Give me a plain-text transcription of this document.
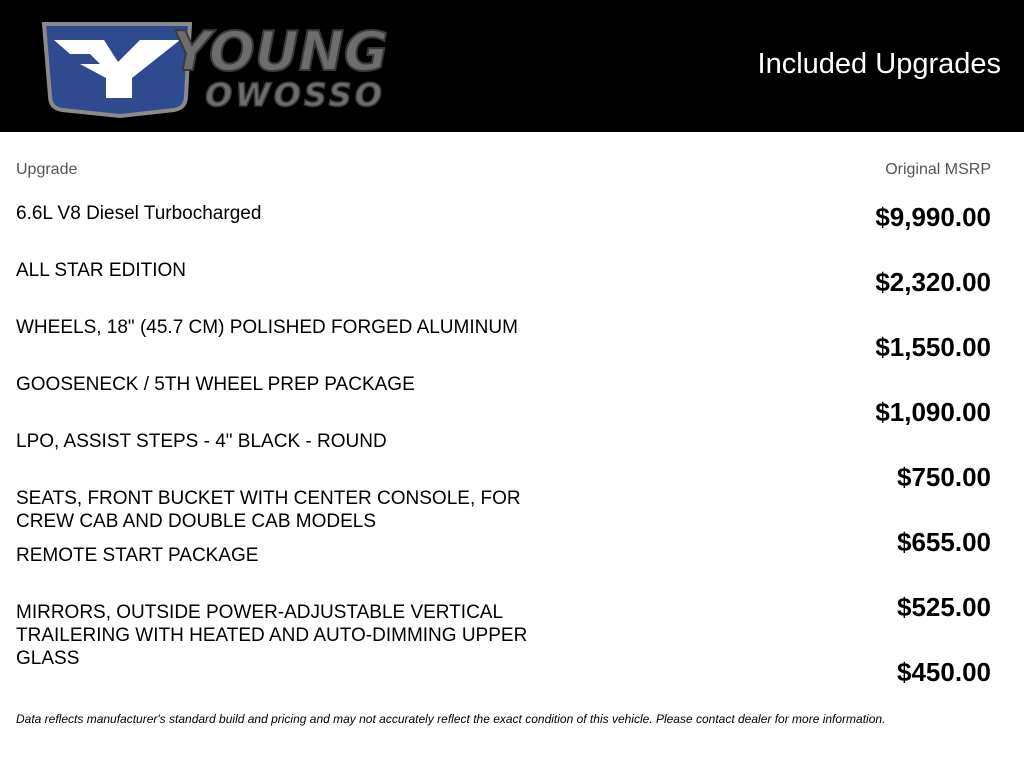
YOUNG
OWOSSO
Included Upgrades
Upgrade	Original MSRP
6.6L V8 Diesel Turbocharged
ALL STAR EDITION
WHEELS, 18" (45.7 CM) POLISHED FORGED ALUMINUM
GOOSENECK / 5TH WHEEL PREP PACKAGE
LPO, ASSIST STEPS - 4" BLACK - ROUND
SEATS, FRONT BUCKET WITH CENTER CONSOLE, FOR CREW CAB AND DOUBLE CAB MODELS
REMOTE START PACKAGE
MIRRORS, OUTSIDE POWER-ADJUSTABLE VERTICAL TRAILERING WITH HEATED AND AUTO-DIMMING UPPER GLASS
$9,990.00
$2,320.00
$1,550.00
$1,090.00
$750.00
$655.00
$525.00
$450.00
Data reflects manufacturer's standard build and pricing and may not accurately reflect the exact condition of this vehicle. Please contact dealer for more information.
